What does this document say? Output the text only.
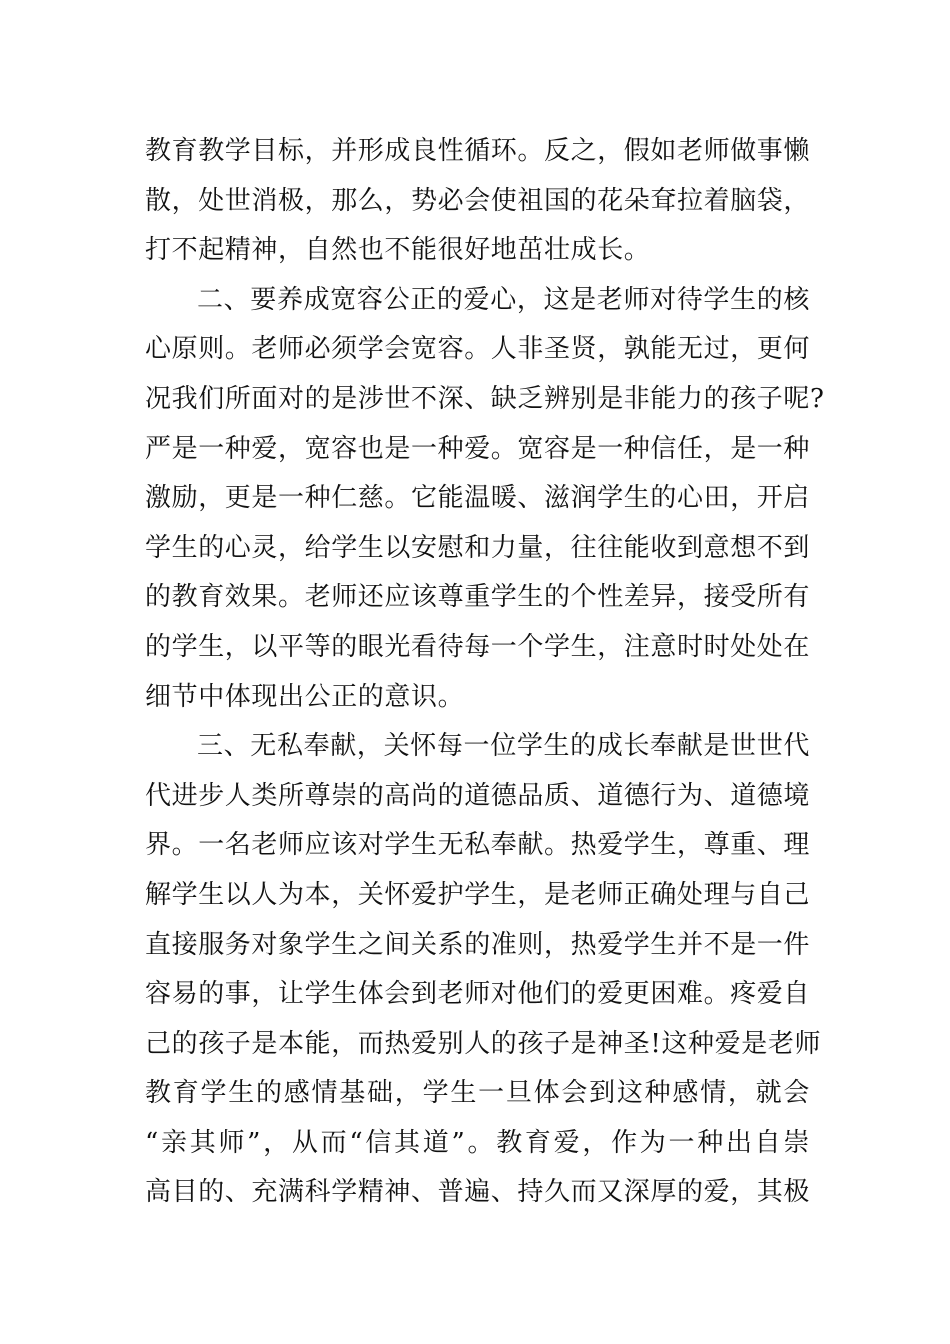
教育教学目标，并形成良性循环。反之，假如老师做事懒
散，处世消极，那么，势必会使祖国的花朵耷拉着脑袋，
打不起精神，自然也不能很好地茁壮成长。
二、要养成宽容公正的爱心，这是老师对待学生的核
心原则。老师必须学会宽容。人非圣贤，孰能无过，更何
况我们所面对的是涉世不深、缺乏辨别是非能力的孩子呢?
严是一种爱，宽容也是一种爱。宽容是一种信任，是一种
激励，更是一种仁慈。它能温暖、滋润学生的心田，开启
学生的心灵，给学生以安慰和力量，往往能收到意想不到
的教育效果。老师还应该尊重学生的个性差异，接受所有
的学生，以平等的眼光看待每一个学生，注意时时处处在
细节中体现出公正的意识。
三、无私奉献，关怀每一位学生的成长奉献是世世代
代进步人类所尊崇的高尚的道德品质、道德行为、道德境
界。一名老师应该对学生无私奉献。热爱学生，尊重、理
解学生以人为本，关怀爱护学生，是老师正确处理与自己
直接服务对象学生之间关系的准则，热爱学生并不是一件
容易的事，让学生体会到老师对他们的爱更困难。疼爱自
己的孩子是本能，而热爱别人的孩子是神圣!这种爱是老师
教育学生的感情基础，学生一旦体会到这种感情，就会
“亲其师”，从而“信其道”。教育爱，作为一种出自崇
高目的、充满科学精神、普遍、持久而又深厚的爱，其极
